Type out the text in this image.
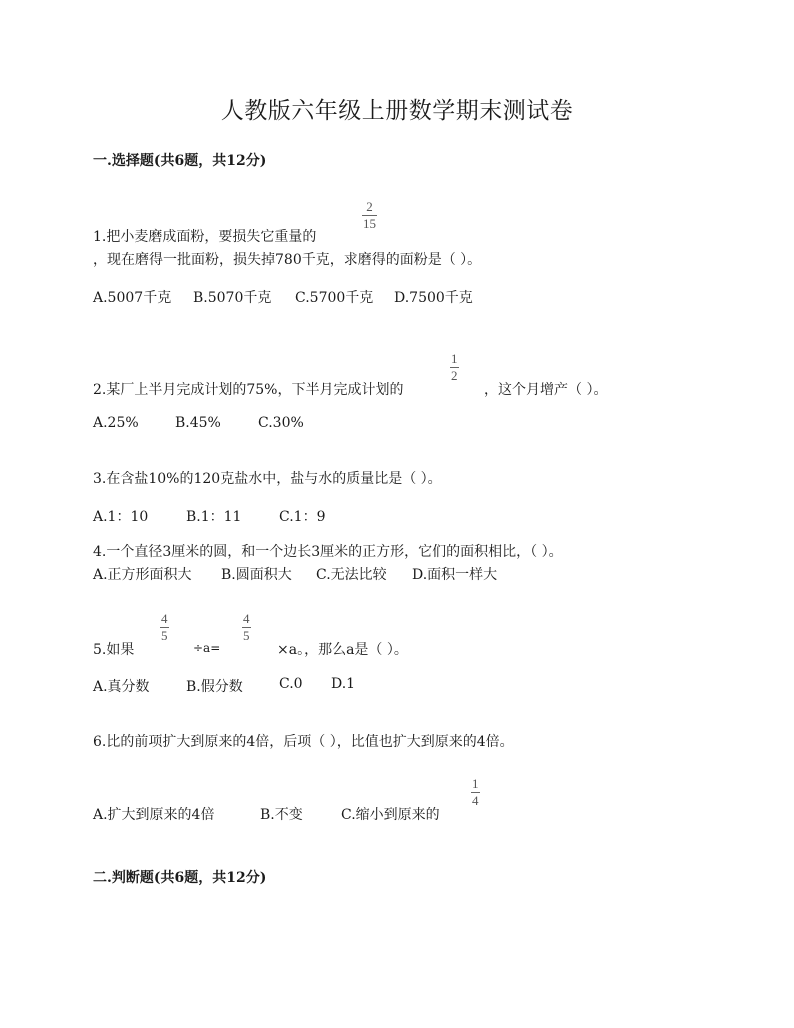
人教版六年级上册数学期末测试卷
一.选择题(共6题，共12分)
2
15
1.把小麦磨成面粉，要损失它重量的
，现在磨得一批面粉，损失掉780千克，求磨得的面粉是（ ）。
A.5007千克 B.5070千克 C.5700千克 D.7500千克
1
2
2.某厂上半月完成计划的75%，下半月完成计划的	，这个月增产（ ）。
A.25%	B.45%	C.30%
3.在含盐10%的120克盐水中，盐与水的质量比是（ ）。
A.1：10	B.1：11	C.1：9
4.一个直径3厘米的圆，和一个边长3厘米的正方形，它们的面积相比，（ ）。
A.正方形面积大 B.圆面积大 C.无法比较 D.面积一样大
4
5
4
5
5.如果	÷a=	×a。，那么a是（ ）。
A.真分数	B.假分数	C.0 D.1
6.比的前项扩大到原来的4倍，后项（ ），比值也扩大到原来的4倍。
1
4
A.扩大到原来的4倍	B.不变	C.缩小到原来的
二.判断题(共6题，共12分)
